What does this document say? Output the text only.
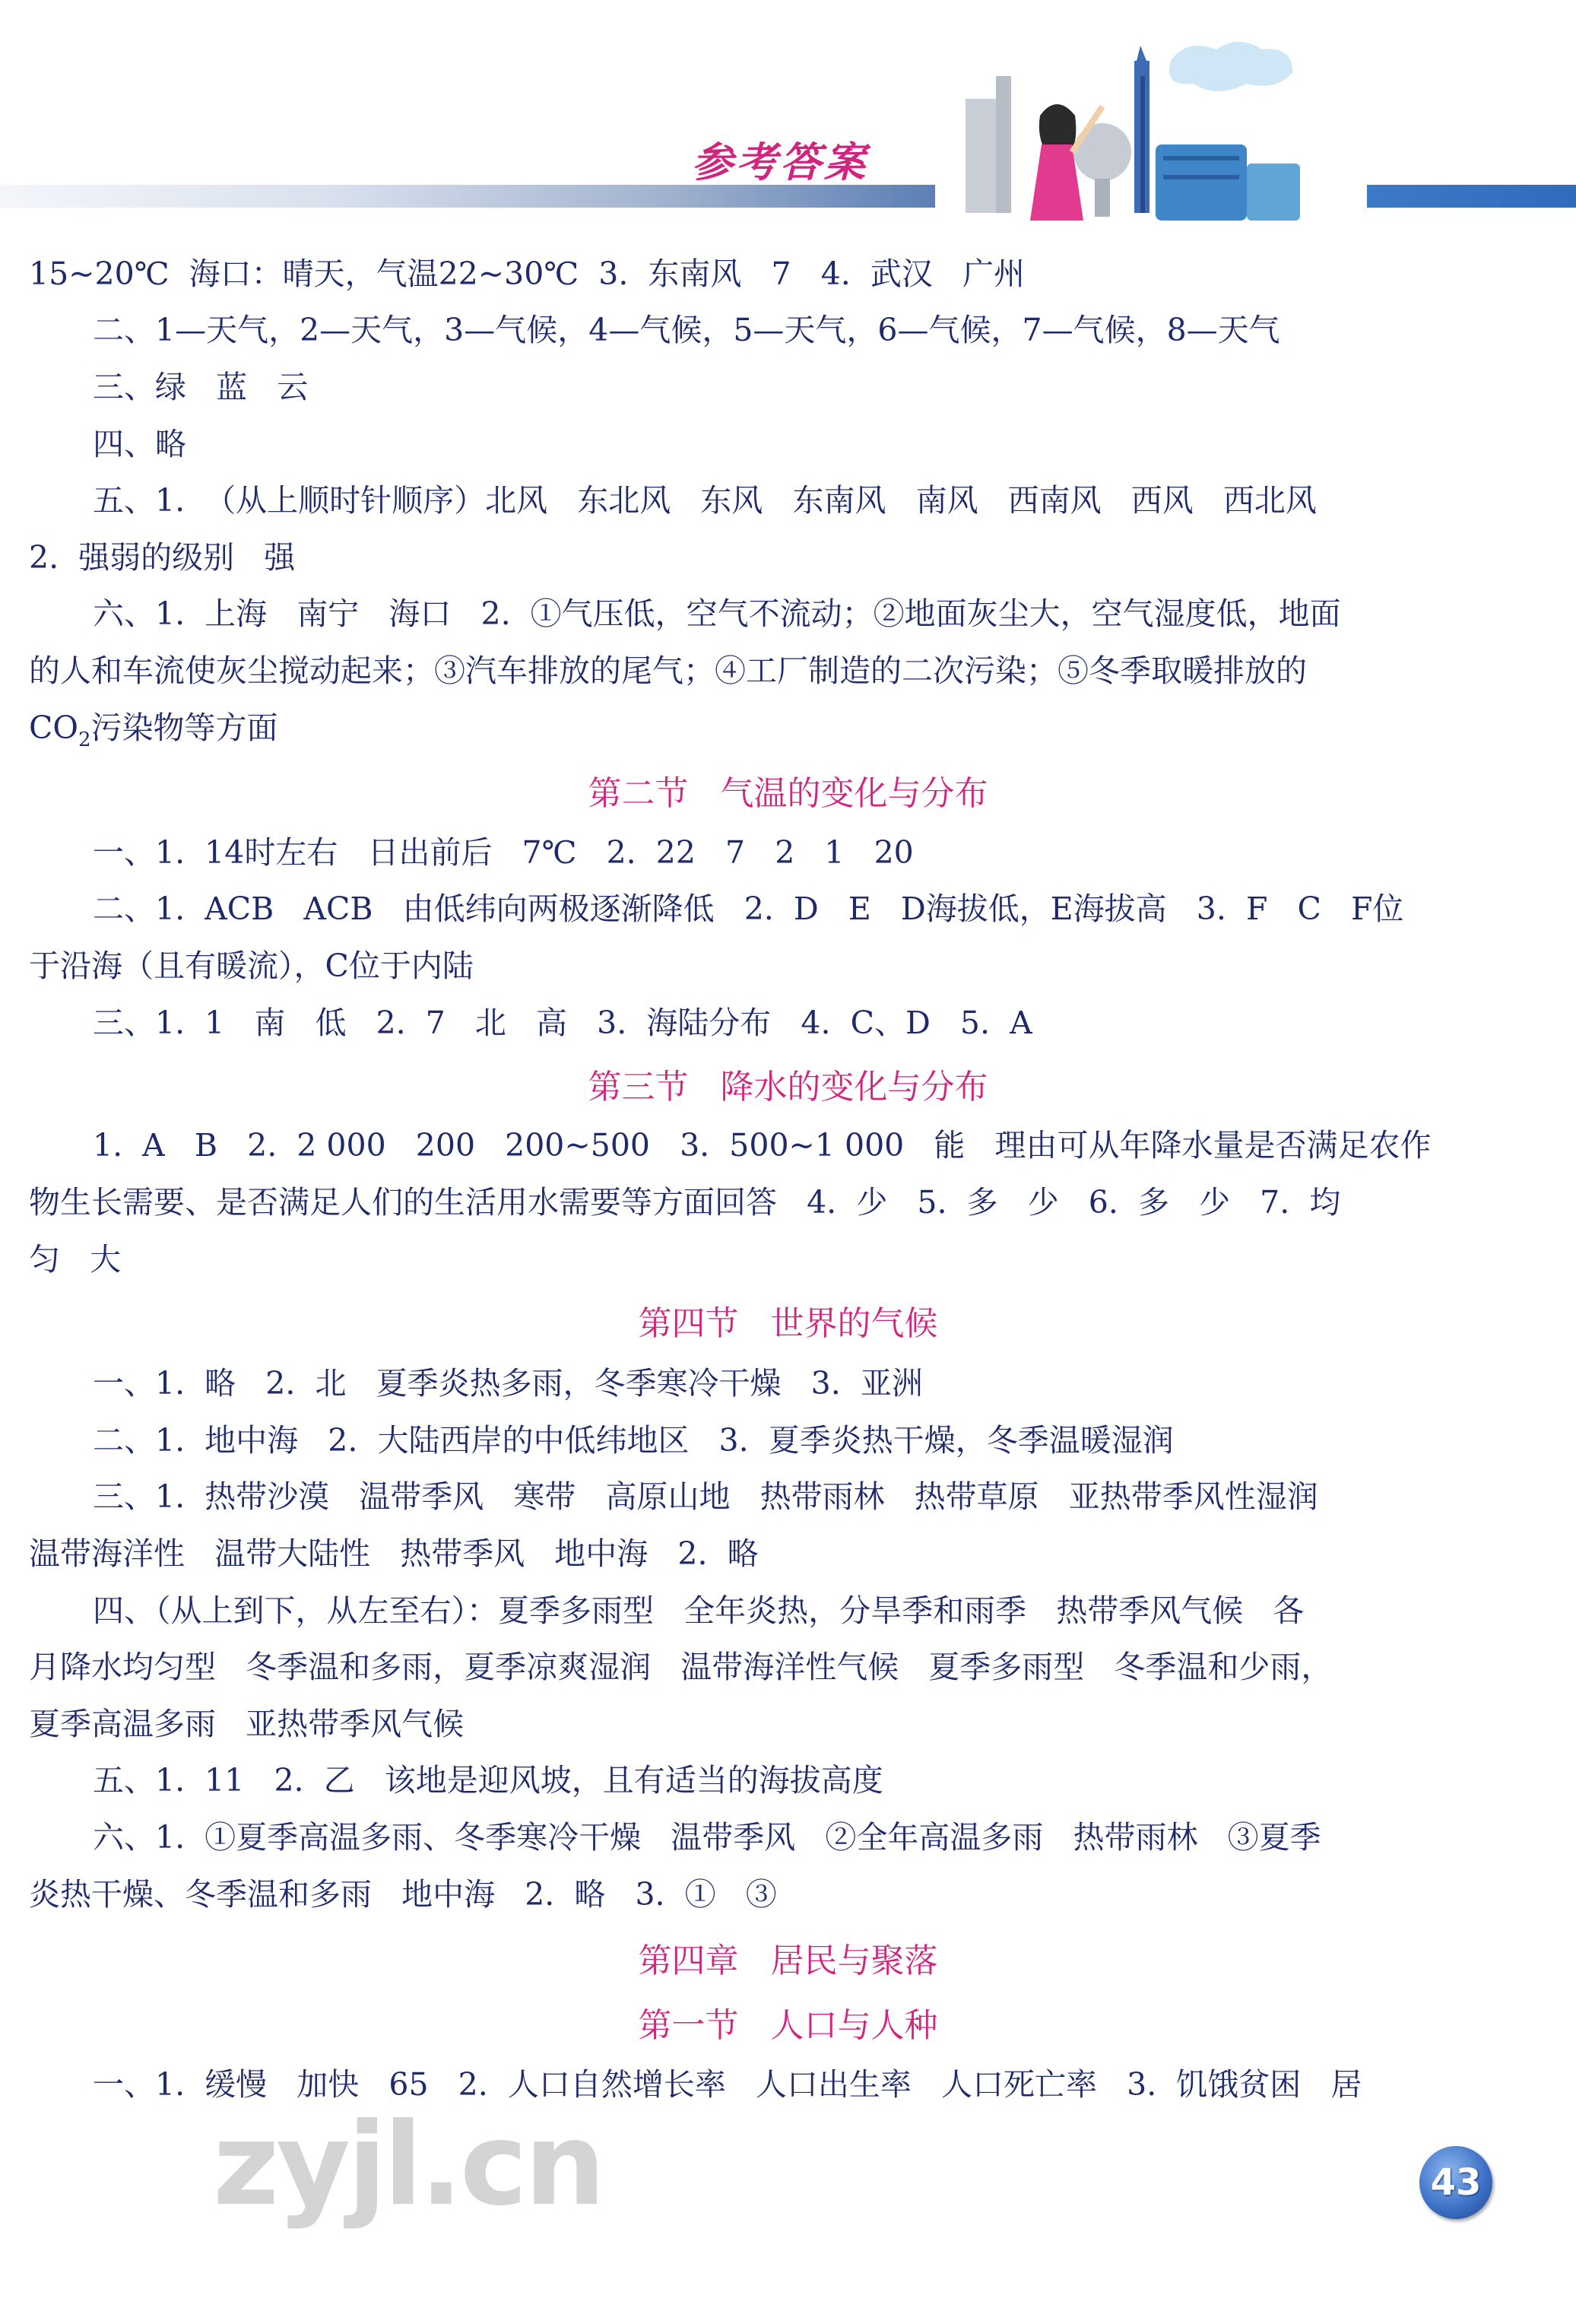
参考答案
15~20℃  海口：晴天，气温22~30℃  3.  东南风   7   4.  武汉   广州
二、1—天气，2—天气，3—气候，4—气候，5—天气，6—气候，7—气候，8—天气
三、绿   蓝   云
四、略
五、1.  （从上顺时针顺序）北风   东北风   东风   东南风   南风   西南风   西风   西北风
2.  强弱的级别   强
六、1.  上海   南宁   海口   2.  ①气压低，空气不流动；②地面灰尘大，空气湿度低，地面
的人和车流使灰尘搅动起来；③汽车排放的尾气；④工厂制造的二次污染；⑤冬季取暖排放的
$CO_2$污染物等方面
第二节   气温的变化与分布
一、1.  14时左右   日出前后   7℃   2.  22   7   2   1   20
二、1.  ACB   ACB   由低纬向两极逐渐降低   2.  D   E   D海拔低，E海拔高   3.  F   C   F位
于沿海（且有暖流），C位于内陆
三、1.  1   南   低   2.  7   北   高   3.  海陆分布   4.  C、D   5.  A
第三节   降水的变化与分布
1.  A   B   2.  2 000   200   200~500   3.  500~1 000   能   理由可从年降水量是否满足农作
物生长需要、是否满足人们的生活用水需要等方面回答   4.  少   5.  多   少   6.  多   少   7.  均
匀   大
第四节   世界的气候
一、1.  略   2.  北   夏季炎热多雨，冬季寒冷干燥   3.  亚洲
二、1.  地中海   2.  大陆西岸的中低纬地区   3.  夏季炎热干燥，冬季温暖湿润
三、1.  热带沙漠   温带季风   寒带   高原山地   热带雨林   热带草原   亚热带季风性湿润
温带海洋性   温带大陆性   热带季风   地中海   2.  略
四、（从上到下，从左至右）：夏季多雨型   全年炎热，分旱季和雨季   热带季风气候   各
月降水均匀型   冬季温和多雨，夏季凉爽湿润   温带海洋性气候   夏季多雨型   冬季温和少雨，
夏季高温多雨   亚热带季风气候
五、1.  11   2.  乙   该地是迎风坡，且有适当的海拔高度
六、1.  ①夏季高温多雨、冬季寒冷干燥   温带季风   ②全年高温多雨   热带雨林   ③夏季
炎热干燥、冬季温和多雨   地中海   2.  略   3.  ①   ③
第四章   居民与聚落
第一节   人口与人种
一、1.  缓慢   加快   65   2.  人口自然增长率   人口出生率   人口死亡率   3.  饥饿贫困   居
zyjl.cn	43
